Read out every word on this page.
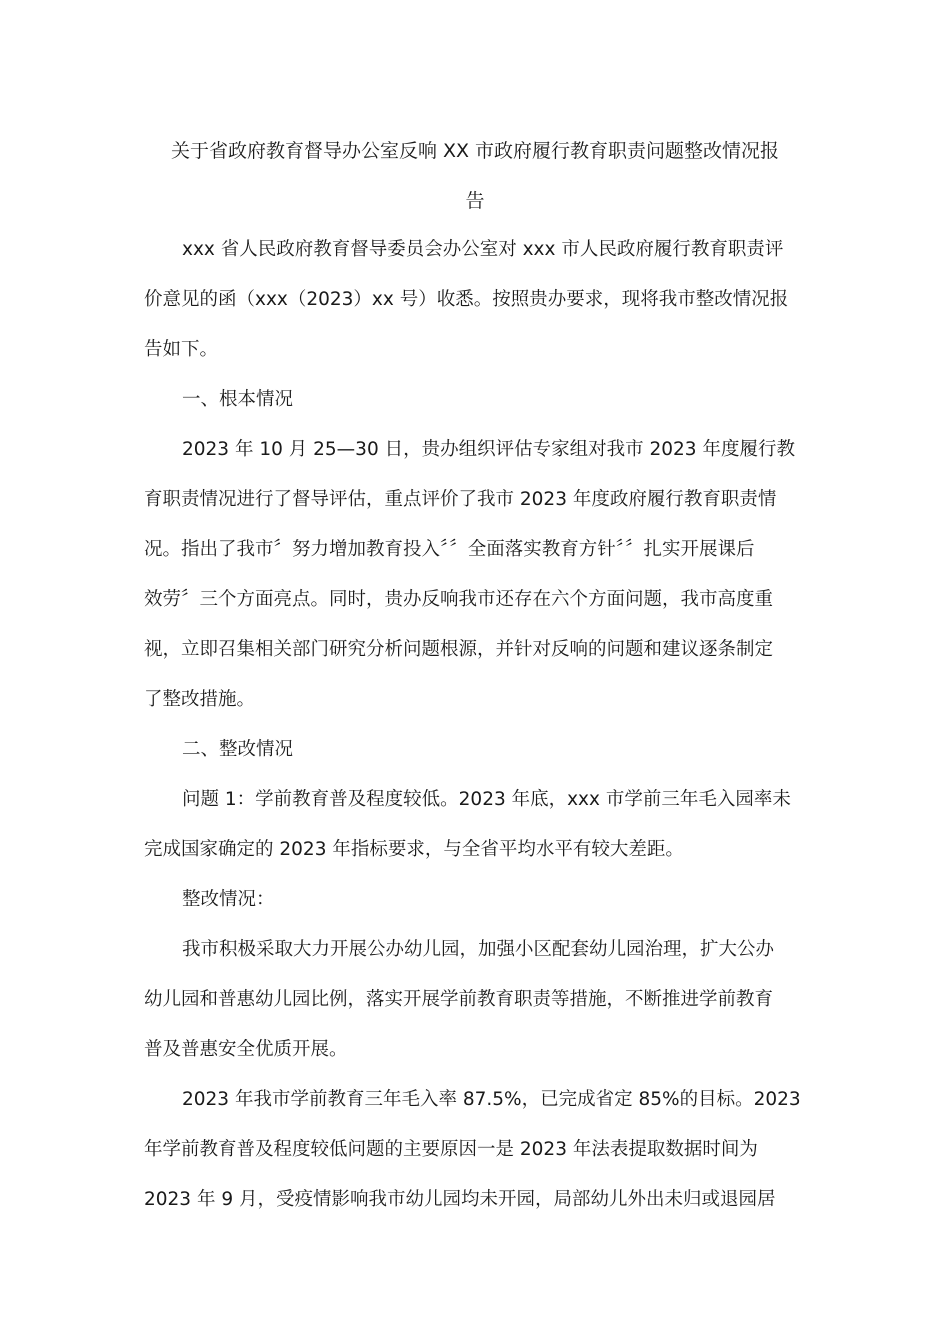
关于省政府教育督导办公室反响 XX 市政府履行教育职责问题整改情况报
告
xxx 省人民政府教育督导委员会办公室对 xxx 市人民政府履行教育职责评
价意见的函（xxx（2023）xx 号）收悉。按照贵办要求，现将我市整改情况报
告如下。
一、根本情况
2023 年 10 月 25—30 日，贵办组织评估专家组对我市 2023 年度履行教
育职责情况进行了督导评估，重点评价了我市 2023 年度政府履行教育职责情
况。指出了我市〞努力增加教育投入〞〞全面落实教育方针〞〞扎实开展课后
效劳〞三个方面亮点。同时，贵办反响我市还存在六个方面问题，我市高度重
视，立即召集相关部门研究分析问题根源，并针对反响的问题和建议逐条制定
了整改措施。
二、整改情况
问题 1：学前教育普及程度较低。2023 年底，xxx 市学前三年毛入园率未
完成国家确定的 2023 年指标要求，与全省平均水平有较大差距。
整改情况：
我市积极采取大力开展公办幼儿园，加强小区配套幼儿园治理，扩大公办
幼儿园和普惠幼儿园比例，落实开展学前教育职责等措施，不断推进学前教育
普及普惠安全优质开展。
2023 年我市学前教育三年毛入率 87.5%，已完成省定 85%的目标。2023
年学前教育普及程度较低问题的主要原因一是 2023 年法表提取数据时间为
2023 年 9 月，受疫情影响我市幼儿园均未开园，局部幼儿外出未归或退园居
